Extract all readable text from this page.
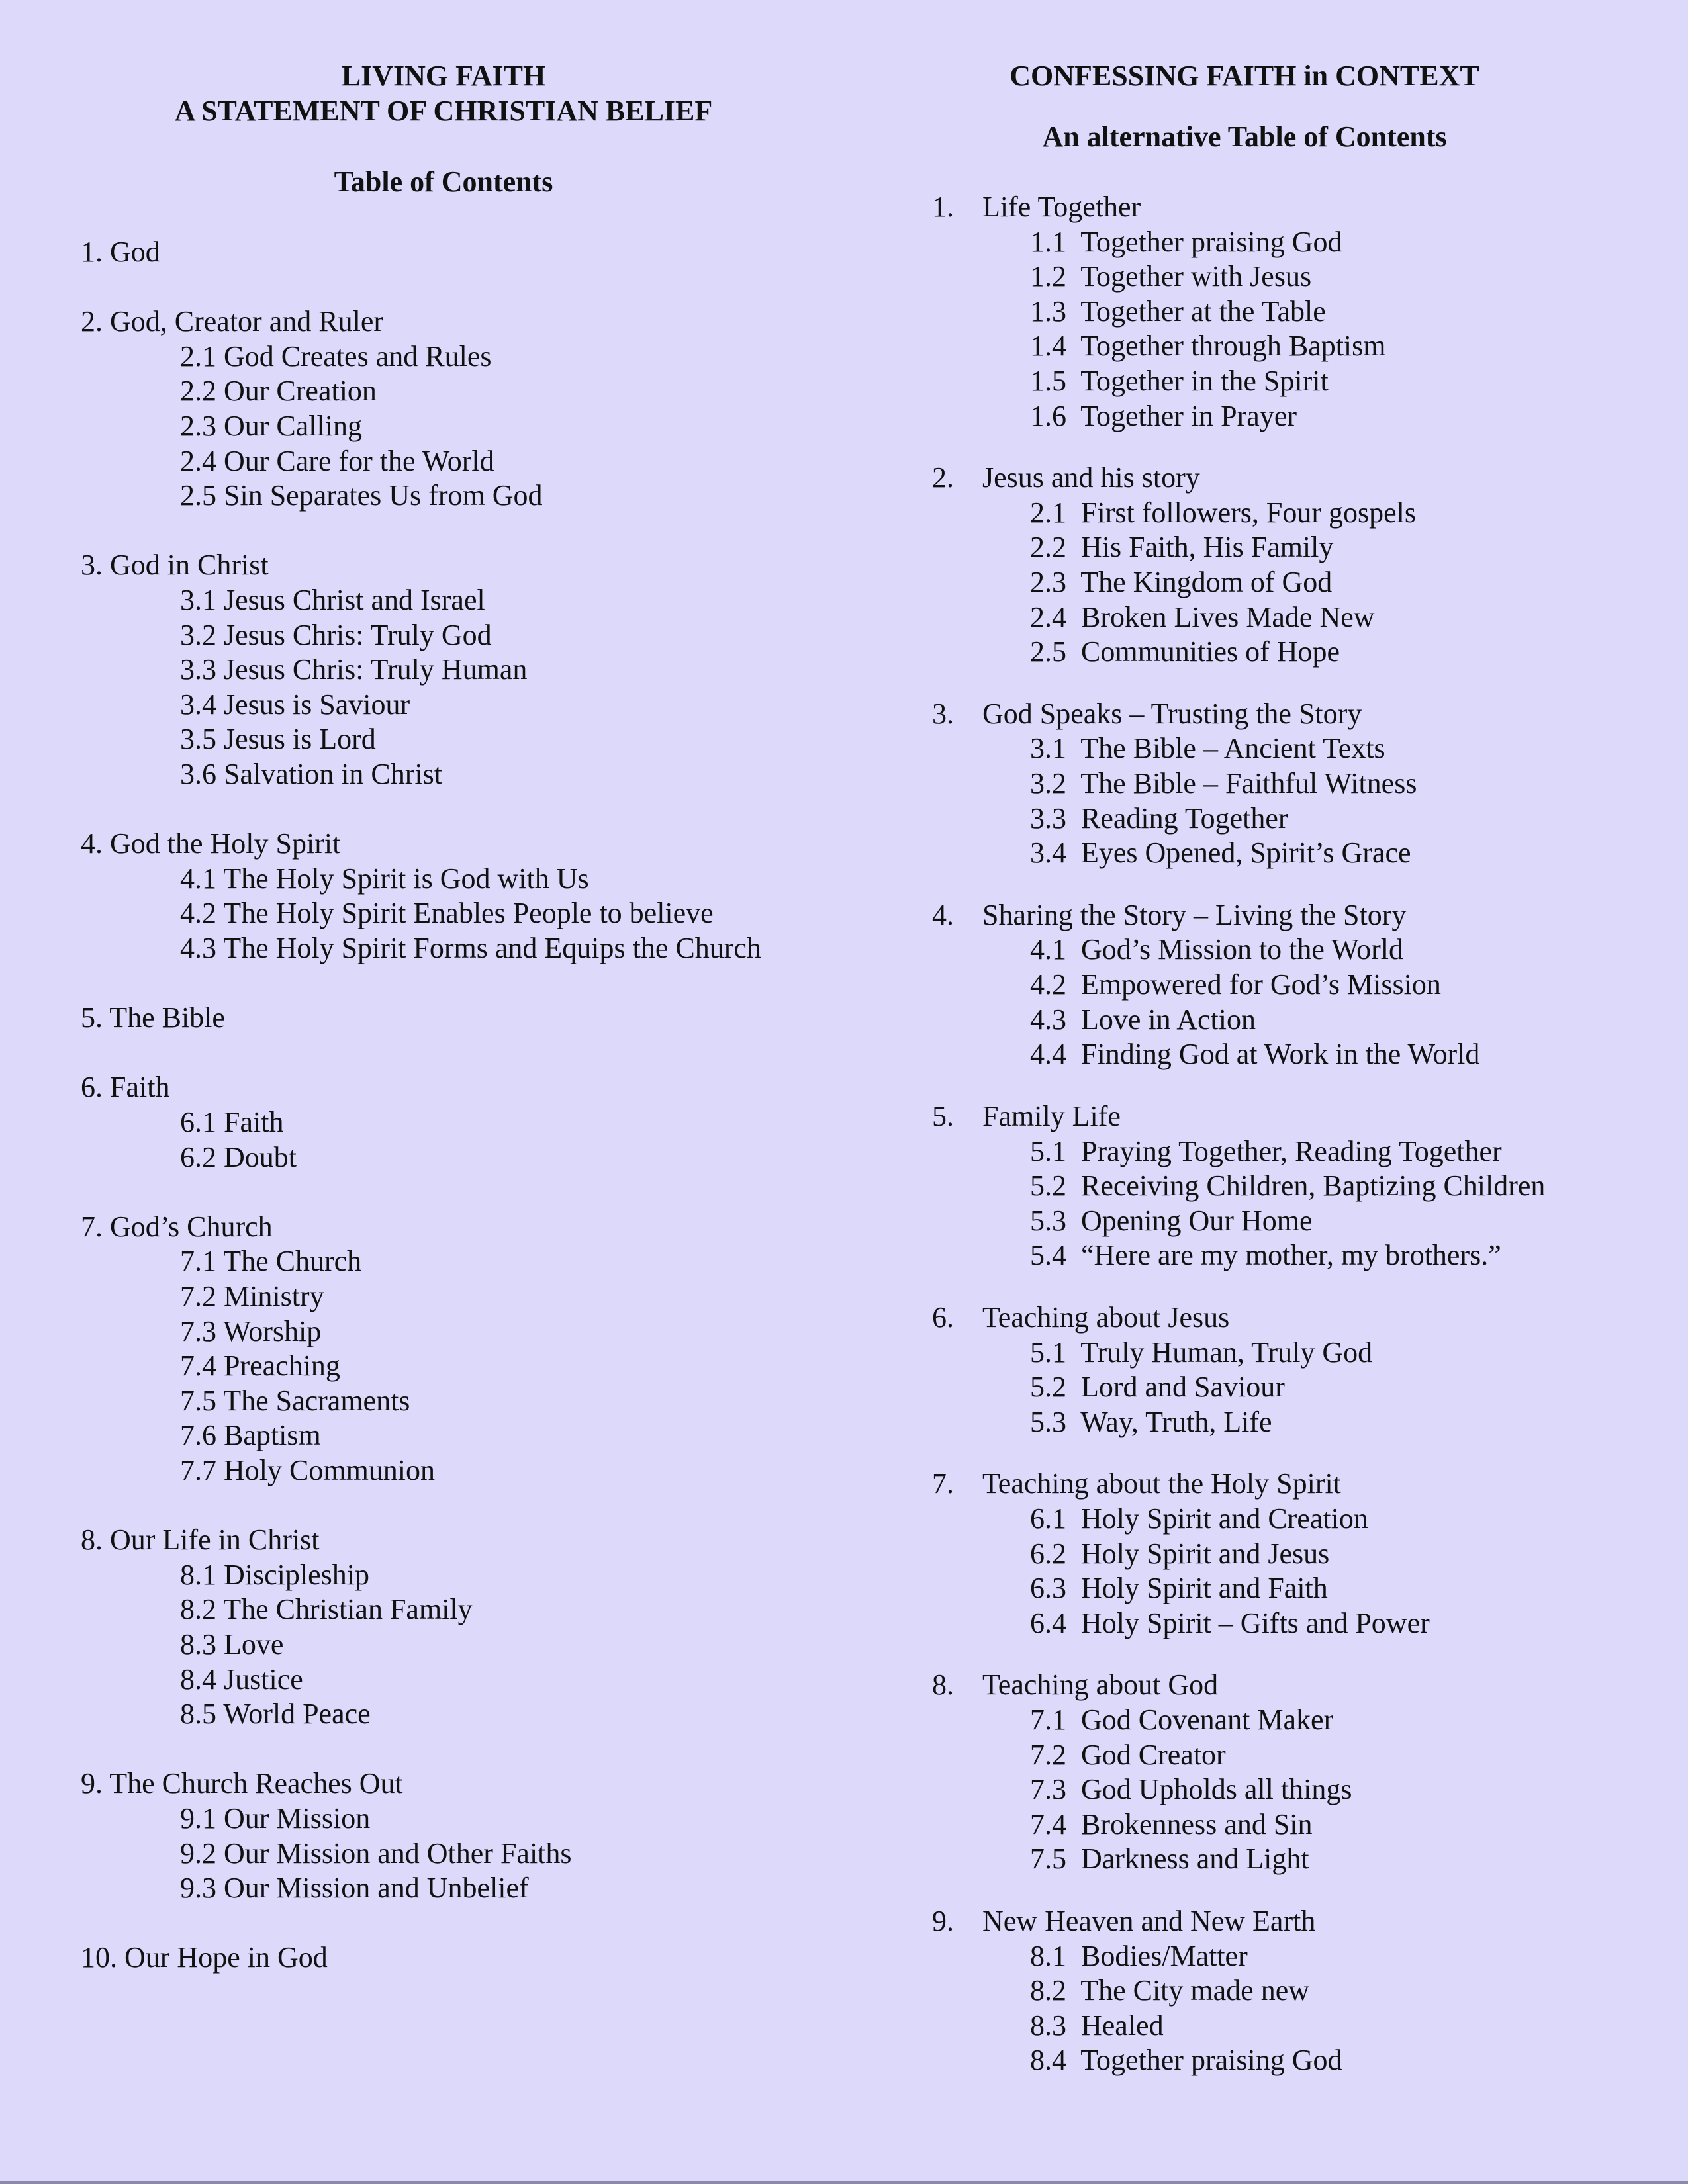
LIVING FAITH
A STATEMENT OF CHRISTIAN BELIEF
Table of Contents
1. God
2. God, Creator and Ruler
2.1 God Creates and Rules
2.2 Our Creation
2.3 Our Calling
2.4 Our Care for the World
2.5 Sin Separates Us from God
3. God in Christ
3.1 Jesus Christ and Israel
3.2 Jesus Chris: Truly God
3.3 Jesus Chris: Truly Human
3.4 Jesus is Saviour
3.5 Jesus is Lord
3.6 Salvation in Christ
4. God the Holy Spirit
4.1 The Holy Spirit is God with Us
4.2 The Holy Spirit Enables People to believe
4.3 The Holy Spirit Forms and Equips the Church
5. The Bible
6. Faith
6.1 Faith
6.2 Doubt
7. God’s Church
7.1 The Church
7.2 Ministry
7.3 Worship
7.4 Preaching
7.5 The Sacraments
7.6 Baptism
7.7 Holy Communion
8. Our Life in Christ
8.1 Discipleship
8.2 The Christian Family
8.3 Love
8.4 Justice
8.5 World Peace
9. The Church Reaches Out
9.1 Our Mission
9.2 Our Mission and Other Faiths
9.3 Our Mission and Unbelief
10. Our Hope in God
CONFESSING FAITH in CONTEXT
An alternative Table of Contents
1. Life Together
1.1  Together praising God
1.2  Together with Jesus
1.3  Together at the Table
1.4  Together through Baptism
1.5  Together in the Spirit
1.6  Together in Prayer
2. Jesus and his story
2.1  First followers, Four gospels
2.2  His Faith, His Family
2.3  The Kingdom of God
2.4  Broken Lives Made New
2.5  Communities of Hope
3. God Speaks – Trusting the Story
3.1  The Bible – Ancient Texts
3.2  The Bible – Faithful Witness
3.3  Reading Together
3.4  Eyes Opened, Spirit’s Grace
4. Sharing the Story – Living the Story
4.1  God’s Mission to the World
4.2  Empowered for God’s Mission
4.3  Love in Action
4.4  Finding God at Work in the World
5. Family Life
5.1  Praying Together, Reading Together
5.2  Receiving Children, Baptizing Children
5.3  Opening Our Home
5.4  “Here are my mother, my brothers.”
6. Teaching about Jesus
5.1  Truly Human, Truly God
5.2  Lord and Saviour
5.3  Way, Truth, Life
7. Teaching about the Holy Spirit
6.1  Holy Spirit and Creation
6.2  Holy Spirit and Jesus
6.3  Holy Spirit and Faith
6.4  Holy Spirit – Gifts and Power
8. Teaching about God
7.1  God Covenant Maker
7.2  God Creator
7.3  God Upholds all things
7.4  Brokenness and Sin
7.5  Darkness and Light
9. New Heaven and New Earth
8.1  Bodies/Matter
8.2  The City made new
8.3  Healed
8.4  Together praising God
